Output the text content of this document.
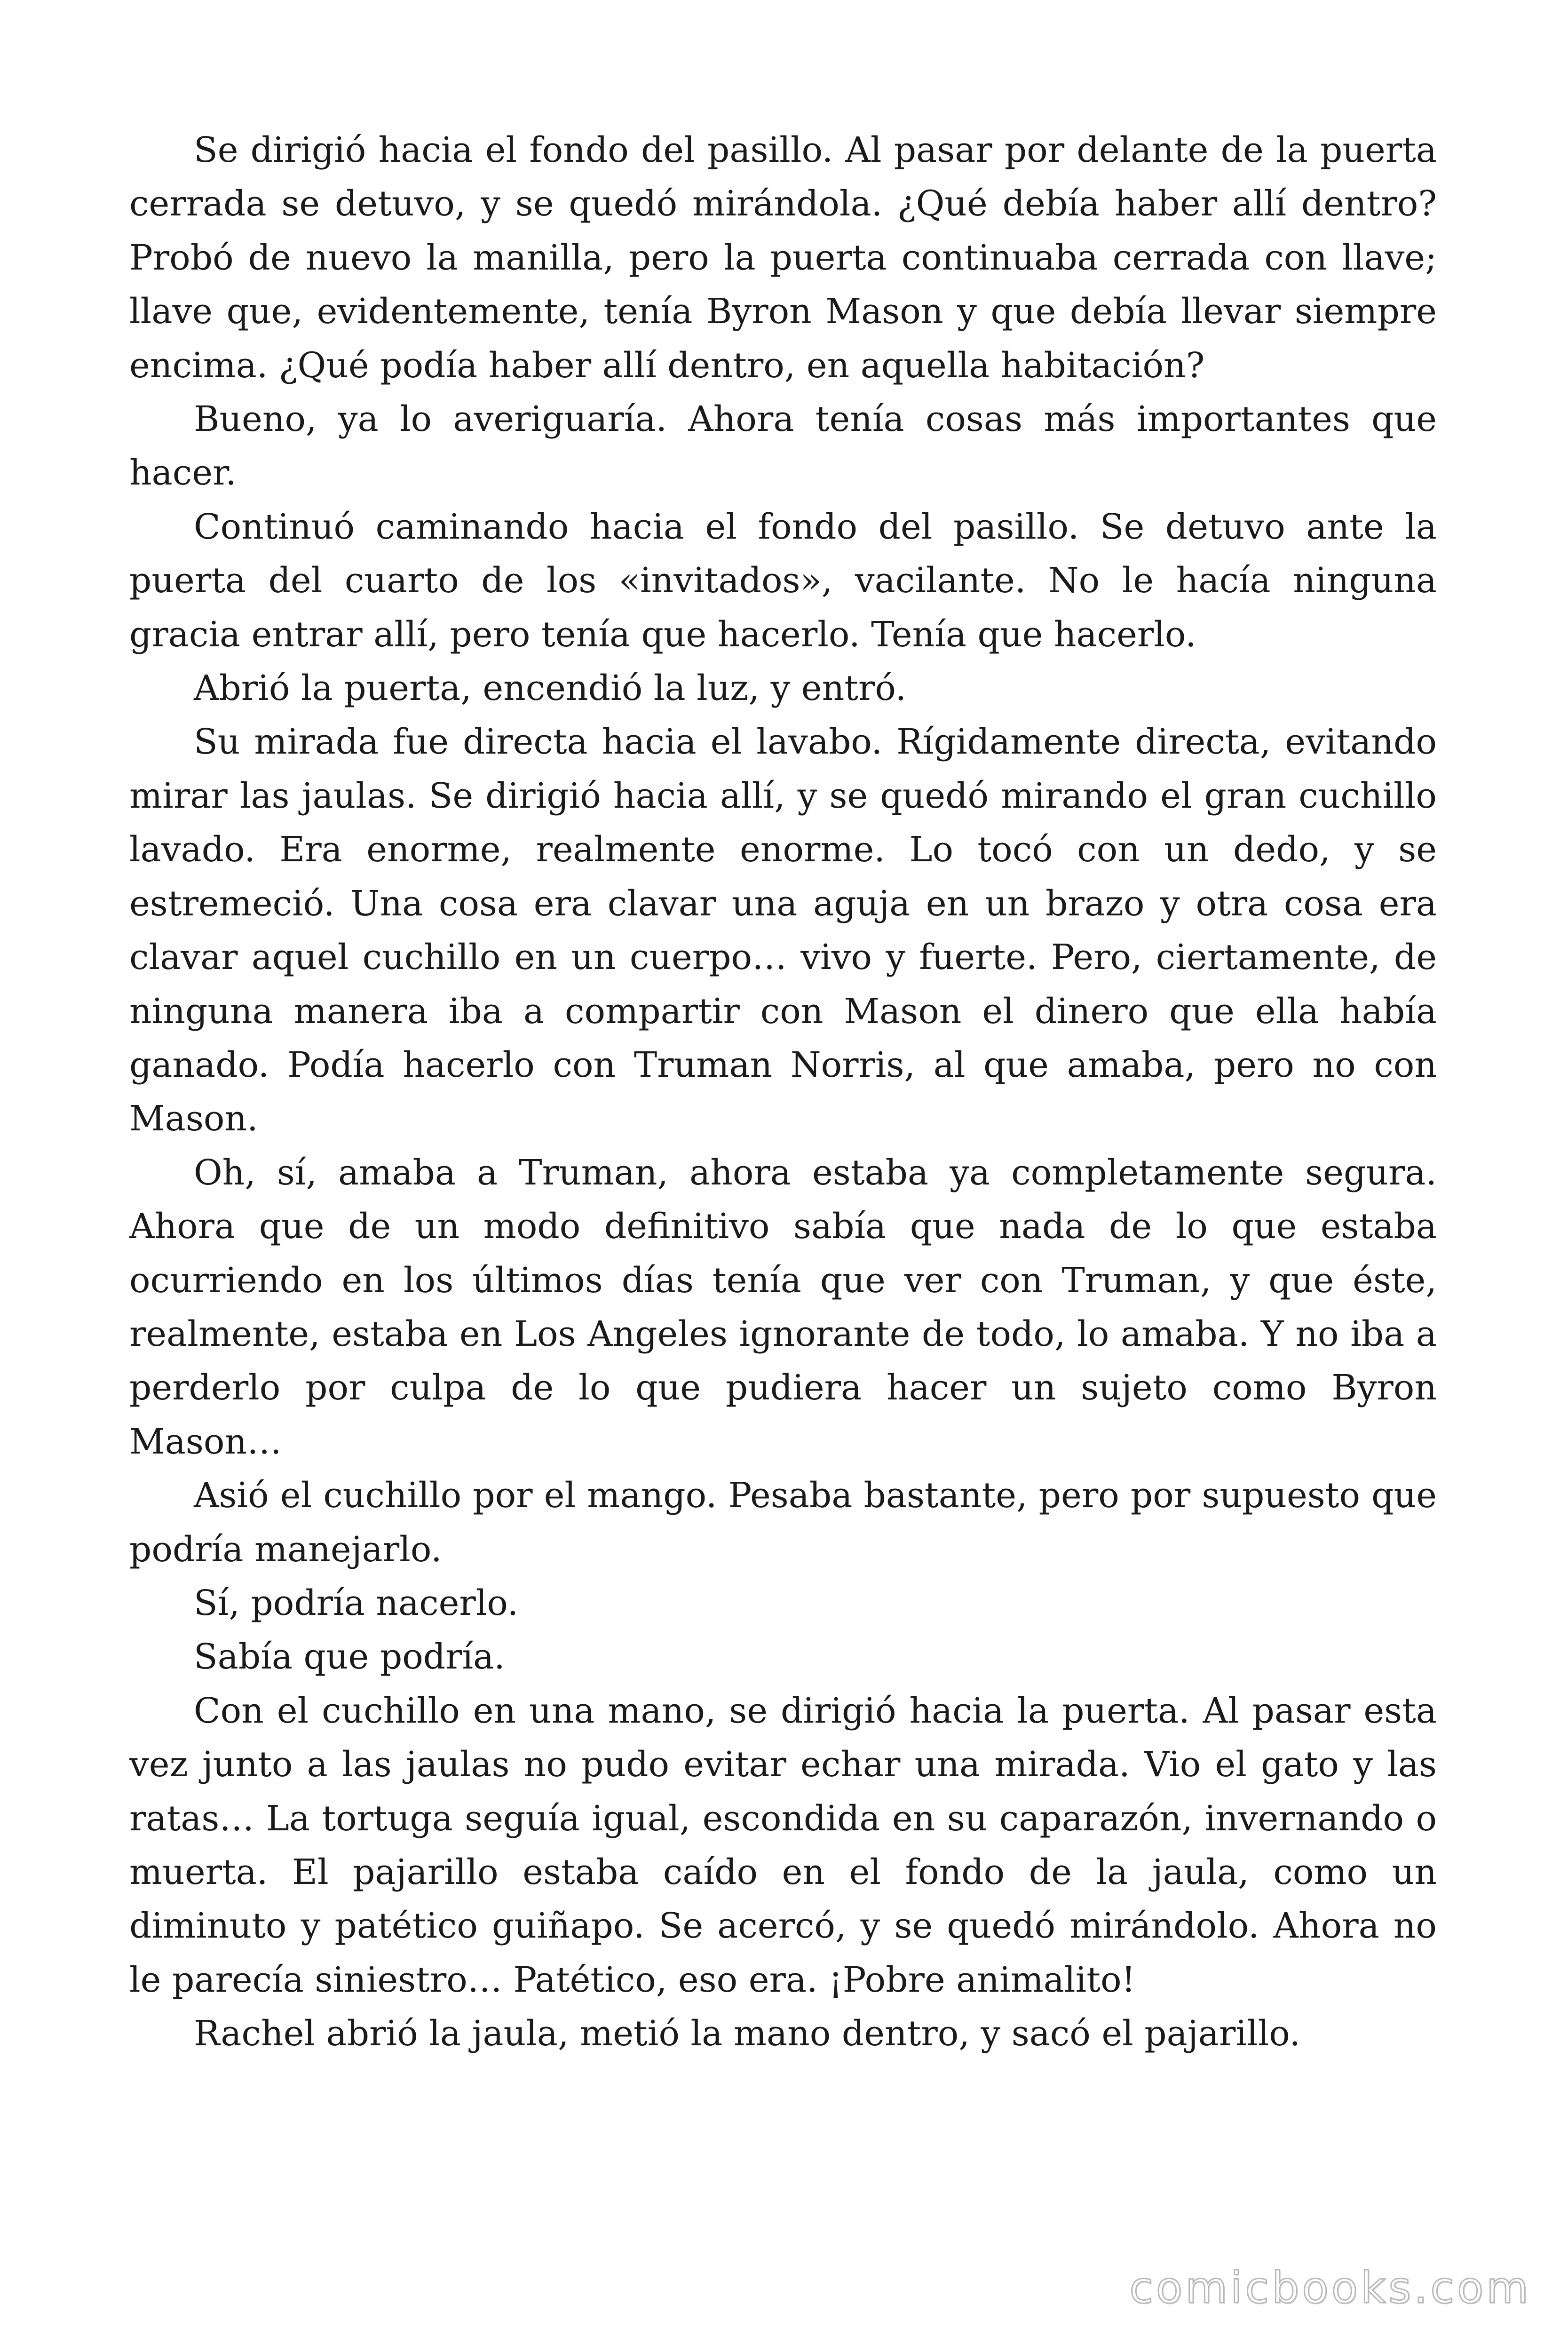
Se dirigió hacia el fondo del pasillo. Al pasar por delante de la puerta cerrada se detuvo, y se quedó mirándola. ¿Qué debía haber allí dentro? Probó de nuevo la manilla, pero la puerta continuaba cerrada con llave; llave que, evidentemente, tenía Byron Mason y que debía llevar siempre encima. ¿Qué podía haber allí dentro, en aquella habitación?

Bueno, ya lo averiguaría. Ahora tenía cosas más importantes que hacer.

Continuó caminando hacia el fondo del pasillo. Se detuvo ante la puerta del cuarto de los «invitados», vacilante. No le hacía ninguna gracia entrar allí, pero tenía que hacerlo. Tenía que hacerlo.

Abrió la puerta, encendió la luz, y entró.

Su mirada fue directa hacia el lavabo. Rígidamente directa, evitando mirar las jaulas. Se dirigió hacia allí, y se quedó mirando el gran cuchillo lavado. Era enorme, realmente enorme. Lo tocó con un dedo, y se estremeció. Una cosa era clavar una aguja en un brazo y otra cosa era clavar aquel cuchillo en un cuerpo… vivo y fuerte. Pero, ciertamente, de ninguna manera iba a compartir con Mason el dinero que ella había ganado. Podía hacerlo con Truman Norris, al que amaba, pero no con Mason.

Oh, sí, amaba a Truman, ahora estaba ya completamente segura. Ahora que de un modo definitivo sabía que nada de lo que estaba ocurriendo en los últimos días tenía que ver con Truman, y que éste, realmente, estaba en Los Angeles ignorante de todo, lo amaba. Y no iba a perderlo por culpa de lo que pudiera hacer un sujeto como Byron Mason…

Asió el cuchillo por el mango. Pesaba bastante, pero por supuesto que podría manejarlo.

Sí, podría nacerlo.

Sabía que podría.

Con el cuchillo en una mano, se dirigió hacia la puerta. Al pasar esta vez junto a las jaulas no pudo evitar echar una mirada. Vio el gato y las ratas… La tortuga seguía igual, escondida en su caparazón, invernando o muerta. El pajarillo estaba caído en el fondo de la jaula, como un diminuto y patético guiñapo. Se acercó, y se quedó mirándolo. Ahora no le parecía siniestro… Patético, eso era. ¡Pobre animalito!

Rachel abrió la jaula, metió la mano dentro, y sacó el pajarillo.

comicbooks.com
